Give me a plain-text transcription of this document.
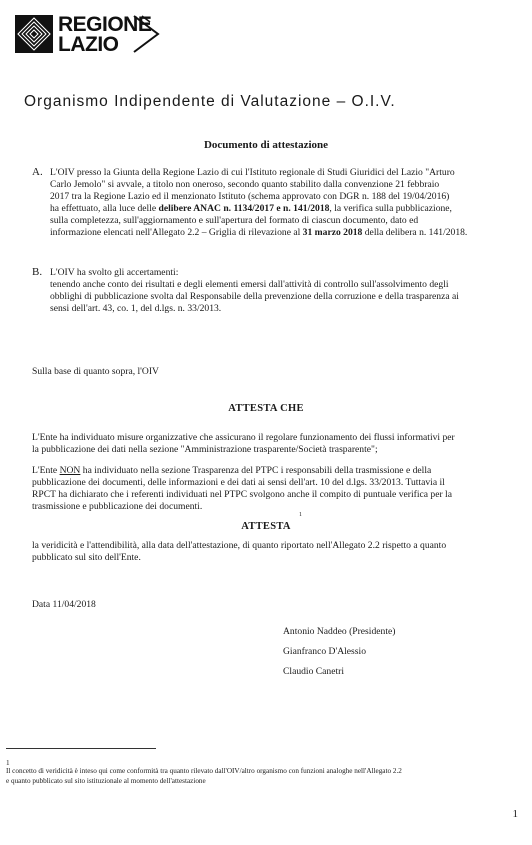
REGIONE
LAZIO
Organismo Indipendente di Valutazione – O.I.V.
Documento di attestazione
A. L'OIV presso la Giunta della Regione Lazio di cui l'Istituto regionale di Studi Giuridici del Lazio "Arturo
Carlo Jemolo" si avvale, a titolo non oneroso, secondo quanto stabilito dalla convenzione 21 febbraio
2017 tra la Regione Lazio ed il menzionato Istituto (schema approvato con DGR n. 188 del 19/04/2016)
ha effettuato, alla luce delle delibere ANAC n. 1134/2017 e n. 141/2018, la verifica sulla pubblicazione,
sulla completezza, sull'aggiornamento e sull'apertura del formato di ciascun documento, dato ed
informazione elencati nell'Allegato 2.2 – Griglia di rilevazione al 31 marzo 2018 della delibera n. 141/2018.
B. L'OIV ha svolto gli accertamenti:
tenendo anche conto dei risultati e degli elementi emersi dall'attività di controllo sull'assolvimento degli
obblighi di pubblicazione svolta dal Responsabile della prevenzione della corruzione e della trasparenza ai
sensi dell'art. 43, co. 1, del d.lgs. n. 33/2013.
Sulla base di quanto sopra, l'OIV
ATTESTA CHE
L'Ente ha individuato misure organizzative che assicurano il regolare funzionamento dei flussi informativi per
la pubblicazione dei dati nella sezione "Amministrazione trasparente/Società trasparente";
L'Ente NON ha individuato nella sezione Trasparenza del PTPC i responsabili della trasmissione e della
pubblicazione dei documenti, delle informazioni e dei dati ai sensi dell'art. 10 del d.lgs. 33/2013. Tuttavia il
RPCT ha dichiarato che i referenti individuati nel PTPC svolgono anche il compito di puntuale verifica per la
trasmissione e pubblicazione dei documenti.
ATTESTA
1
la veridicità e l'attendibilità, alla data dell'attestazione, di quanto riportato nell'Allegato 2.2 rispetto a quanto
pubblicato sul sito dell'Ente.
Data 11/04/2018
Antonio Naddeo (Presidente)
Gianfranco D'Alessio
Claudio Canetri
1
Il concetto di veridicità è inteso qui come conformità tra quanto rilevato dall'OIV/altro organismo con funzioni analoghe nell'Allegato 2.2
e quanto pubblicato sul sito istituzionale al momento dell'attestazione
1
